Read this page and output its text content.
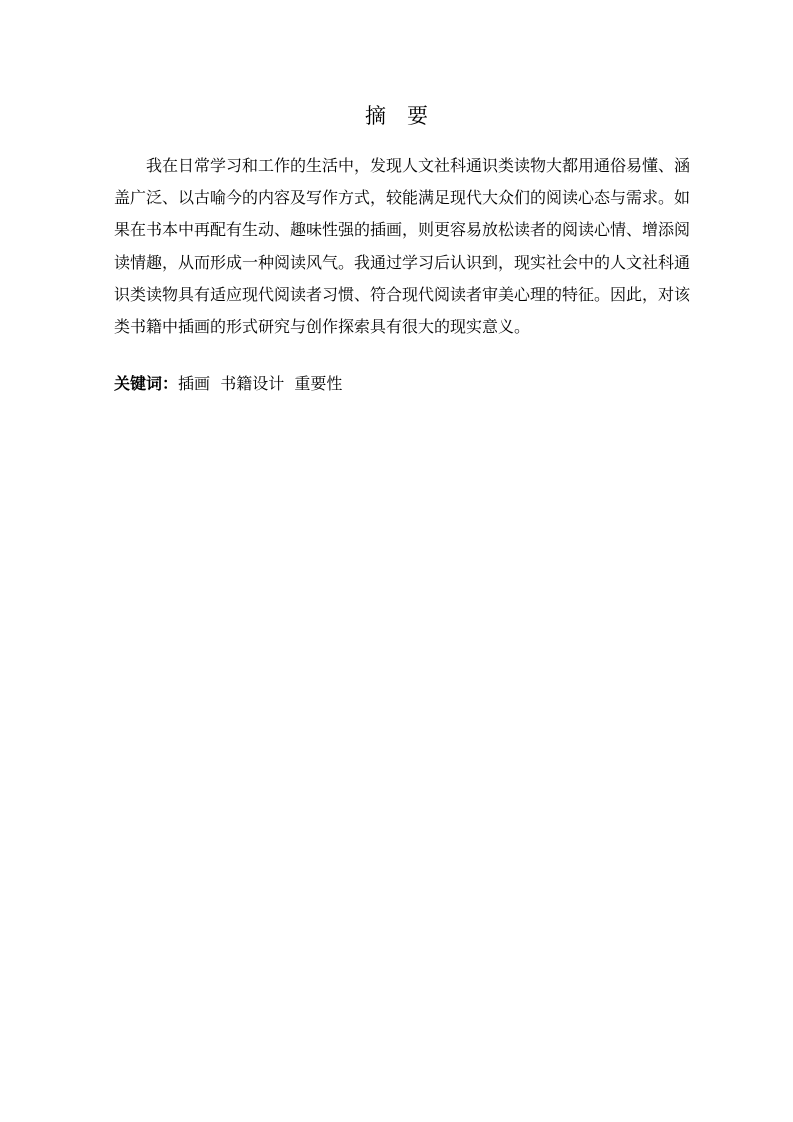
摘　要

我在日常学习和工作的生活中，发现人文社科通识类读物大都用通俗易懂、涵盖广泛、以古喻今的内容及写作方式，较能满足现代大众们的阅读心态与需求。如果在书本中再配有生动、趣味性强的插画，则更容易放松读者的阅读心情、增添阅读情趣，从而形成一种阅读风气。我通过学习后认识到，现实社会中的人文社科通识类读物具有适应现代阅读者习惯、符合现代阅读者审美心理的特征。因此，对该类书籍中插画的形式研究与创作探索具有很大的现实意义。

关键词：插画  书籍设计  重要性
